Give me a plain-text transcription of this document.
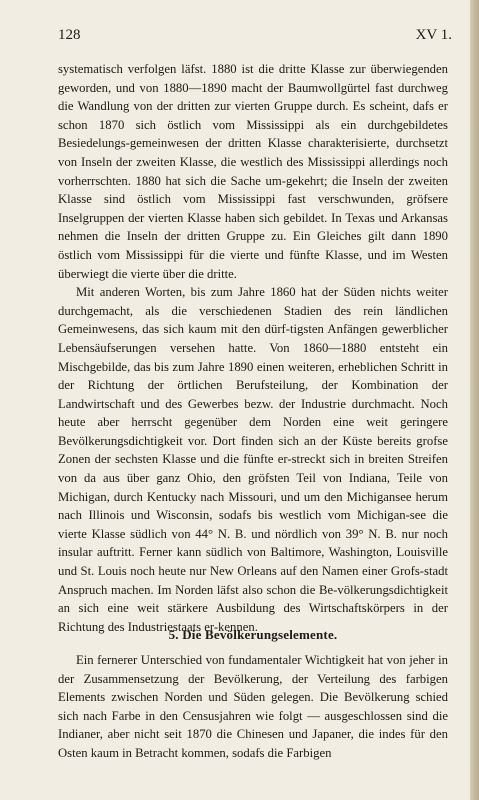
128	XV 1.

systematisch verfolgen läfst. 1880 ist die dritte Klasse zur überwiegenden geworden, und von 1880—1890 macht der Baumwollgürtel fast durchweg die Wandlung von der dritten zur vierten Gruppe durch. Es scheint, dafs er schon 1870 sich östlich vom Mississippi als ein durchgebildetes Besiedelungs-gemeinwesen der dritten Klasse charakterisierte, durchsetzt von Inseln der zweiten Klasse, die westlich des Mississippi allerdings noch vorherrschten. 1880 hat sich die Sache um-gekehrt; die Inseln der zweiten Klasse sind östlich vom Mississippi fast verschwunden, gröfsere Inselgruppen der vierten Klasse haben sich gebildet. In Texas und Arkansas nehmen die Inseln der dritten Gruppe zu. Ein Gleiches gilt dann 1890 östlich vom Mississippi für die vierte und fünfte Klasse, und im Westen überwiegt die vierte über die dritte.

Mit anderen Worten, bis zum Jahre 1860 hat der Süden nichts weiter durchgemacht, als die verschiedenen Stadien des rein ländlichen Gemeinwesens, das sich kaum mit den dürf-tigsten Anfängen gewerblicher Lebensäufserungen versehen hatte. Von 1860—1880 entsteht ein Mischgebilde, das bis zum Jahre 1890 einen weiteren, erheblichen Schritt in der Richtung der örtlichen Berufsteilung, der Kombination der Landwirtschaft und des Gewerbes bezw. der Industrie durchmacht. Noch heute aber herrscht gegenüber dem Norden eine weit geringere Bevölkerungsdichtigkeit vor. Dort finden sich an der Küste bereits grofse Zonen der sechsten Klasse und die fünfte er-streckt sich in breiten Streifen von da aus über ganz Ohio, den gröfsten Teil von Indiana, Teile von Michigan, durch Kentucky nach Missouri, und um den Michigansee herum nach Illinois und Wisconsin, sodafs bis westlich vom Michigan-see die vierte Klasse südlich von 44° N. B. und nördlich von 39° N. B. nur noch insular auftritt. Ferner kann südlich von Baltimore, Washington, Louisville und St. Louis noch heute nur New Orleans auf den Namen einer Grofs-stadt Anspruch machen. Im Norden läfst also schon die Be-völkerungsdichtigkeit an sich eine weit stärkere Ausbildung des Wirtschaftskörpers in der Richtung des Industriestaats er-kennen.

5. Die Bevölkerungselemente.

Ein fernerer Unterschied von fundamentaler Wichtigkeit hat von jeher in der Zusammensetzung der Bevölkerung, der Verteilung des farbigen Elements zwischen Norden und Süden gelegen. Die Bevölkerung schied sich nach Farbe in den Censusjahren wie folgt — ausgeschlossen sind die Indianer, aber nicht seit 1870 die Chinesen und Japaner, die indes für den Osten kaum in Betracht kommen, sodafs die Farbigen
